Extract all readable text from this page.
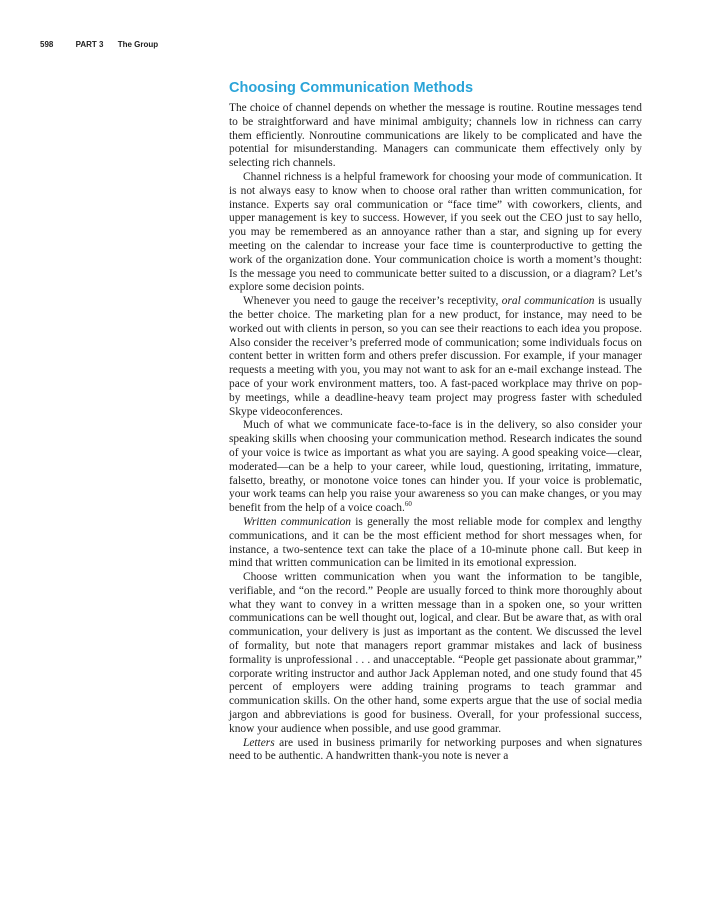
598	PART 3 The Group
Choosing Communication Methods

The choice of channel depends on whether the message is routine. Routine messages tend to be straightforward and have minimal ambiguity; channels low in richness can carry them efficiently. Nonroutine communications are likely to be complicated and have the potential for misunderstanding. Managers can communicate them effectively only by selecting rich channels.

Channel richness is a helpful framework for choosing your mode of communication. It is not always easy to know when to choose oral rather than written communication, for instance. Experts say oral communication or “face time” with coworkers, clients, and upper management is key to success. However, if you seek out the CEO just to say hello, you may be remembered as an annoyance rather than a star, and signing up for every meeting on the calendar to increase your face time is counterproductive to getting the work of the organization done. Your communication choice is worth a moment’s thought: Is the message you need to communicate better suited to a discussion, or a diagram? Let’s explore some decision points.

Whenever you need to gauge the receiver’s receptivity, oral communication is usually the better choice. The marketing plan for a new product, for instance, may need to be worked out with clients in person, so you can see their reactions to each idea you propose. Also consider the receiver’s preferred mode of communication; some individuals focus on content better in written form and others prefer discussion. For example, if your manager requests a meeting with you, you may not want to ask for an e-mail exchange instead. The pace of your work environment matters, too. A fast-paced workplace may thrive on pop-by meetings, while a deadline-heavy team project may progress faster with scheduled Skype videoconferences.

Much of what we communicate face-to-face is in the delivery, so also consider your speaking skills when choosing your communication method. Research indicates the sound of your voice is twice as important as what you are saying. A good speaking voice—clear, moderated—can be a help to your career, while loud, questioning, irritating, immature, falsetto, breathy, or monotone voice tones can hinder you. If your voice is problematic, your work teams can help you raise your awareness so you can make changes, or you may benefit from the help of a voice coach.$^{60}$

Written communication is generally the most reliable mode for complex and lengthy communications, and it can be the most efficient method for short messages when, for instance, a two-sentence text can take the place of a 10-minute phone call. But keep in mind that written communication can be limited in its emotional expression.

Choose written communication when you want the information to be tangible, verifiable, and “on the record.” People are usually forced to think more thoroughly about what they want to convey in a written message than in a spoken one, so your written communications can be well thought out, logical, and clear. But be aware that, as with oral communication, your delivery is just as important as the content. We discussed the level of formality, but note that managers report grammar mistakes and lack of business formality is unprofessional . . . and unacceptable. “People get passionate about grammar,” corporate writing instructor and author Jack Appleman noted, and one study found that 45 percent of employers were adding training programs to teach grammar and communication skills. On the other hand, some experts argue that the use of social media jargon and abbreviations is good for business. Overall, for your professional success, know your audience when possible, and use good grammar.

Letters are used in business primarily for networking purposes and when signatures need to be authentic. A handwritten thank-you note is never a
